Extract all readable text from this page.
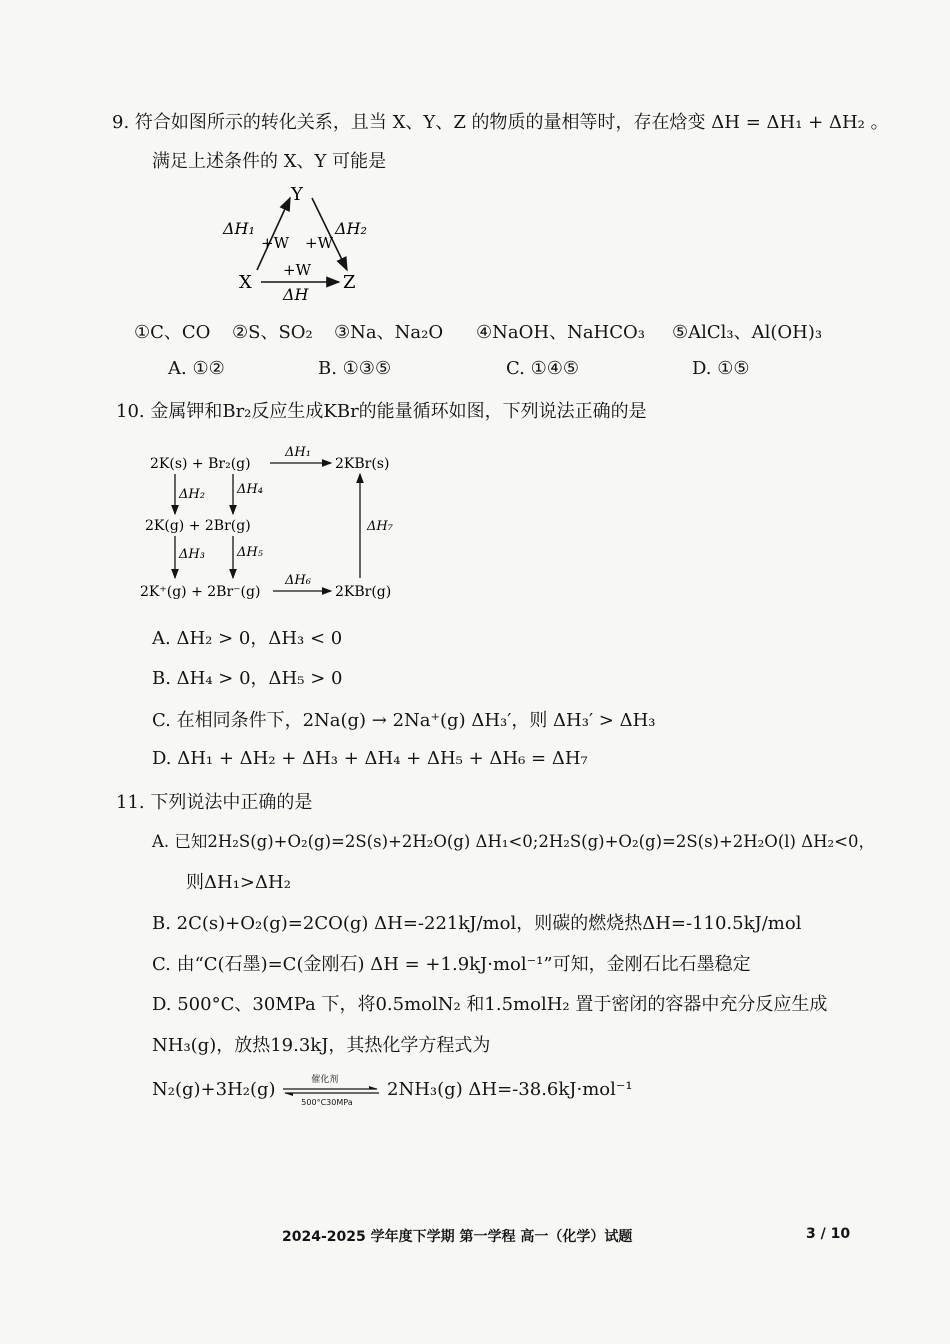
9. 符合如图所示的转化关系，且当 X、Y、Z 的物质的量相等时，存在焓变 ΔH = ΔH₁ + ΔH₂ 。
满足上述条件的 X、Y 可能是
Y
X	Z
ΔH₁
+W +W
ΔH₂
+W
ΔH
①C、CO ②S、SO₂ ③Na、Na₂O ④NaOH、NaHCO₃ ⑤AlCl₃、Al(OH)₃
A. ①②	B. ①③⑤	C. ①④⑤	D. ①⑤
10. 金属钾和Br₂反应生成KBr的能量循环如图，下列说法正确的是
2K(s) + Br₂(g)	2KBr(s)
2K(g) + 2Br(g)
2K⁺(g) + 2Br⁻(g)	2KBr(g)
ΔH₁
ΔH₂ ΔH₄
ΔH₃ ΔH₅
ΔH₆
ΔH₇
A. ΔH₂ > 0，ΔH₃ < 0
B. ΔH₄ > 0，ΔH₅ > 0
C. 在相同条件下，2Na(g) → 2Na⁺(g) ΔH₃′，则 ΔH₃′ > ΔH₃
D. ΔH₁ + ΔH₂ + ΔH₃ + ΔH₄ + ΔH₅ + ΔH₆ = ΔH₇
11. 下列说法中正确的是
A. 已知2H₂S(g)+O₂(g)=2S(s)+2H₂O(g) ΔH₁<0;2H₂S(g)+O₂(g)=2S(s)+2H₂O(l) ΔH₂<0，
则ΔH₁>ΔH₂
B. 2C(s)+O₂(g)=2CO(g) ΔH=-221kJ/mol，则碳的燃烧热ΔH=-110.5kJ/mol
C. 由“C(石墨)=C(金刚石) ΔH = +1.9kJ·mol⁻¹”可知，金刚石比石墨稳定
D. 500°C、30MPa 下，将0.5molN₂ 和1.5molH₂ 置于密闭的容器中充分反应生成
NH₃(g)，放热19.3kJ，其热化学方程式为
N₂(g)+3H₂(g)	催化剂
500°C30MPa
2NH₃(g) ΔH=-38.6kJ·mol⁻¹
2024-2025 学年度下学期 第一学程 高一（化学）试题	3 / 10
